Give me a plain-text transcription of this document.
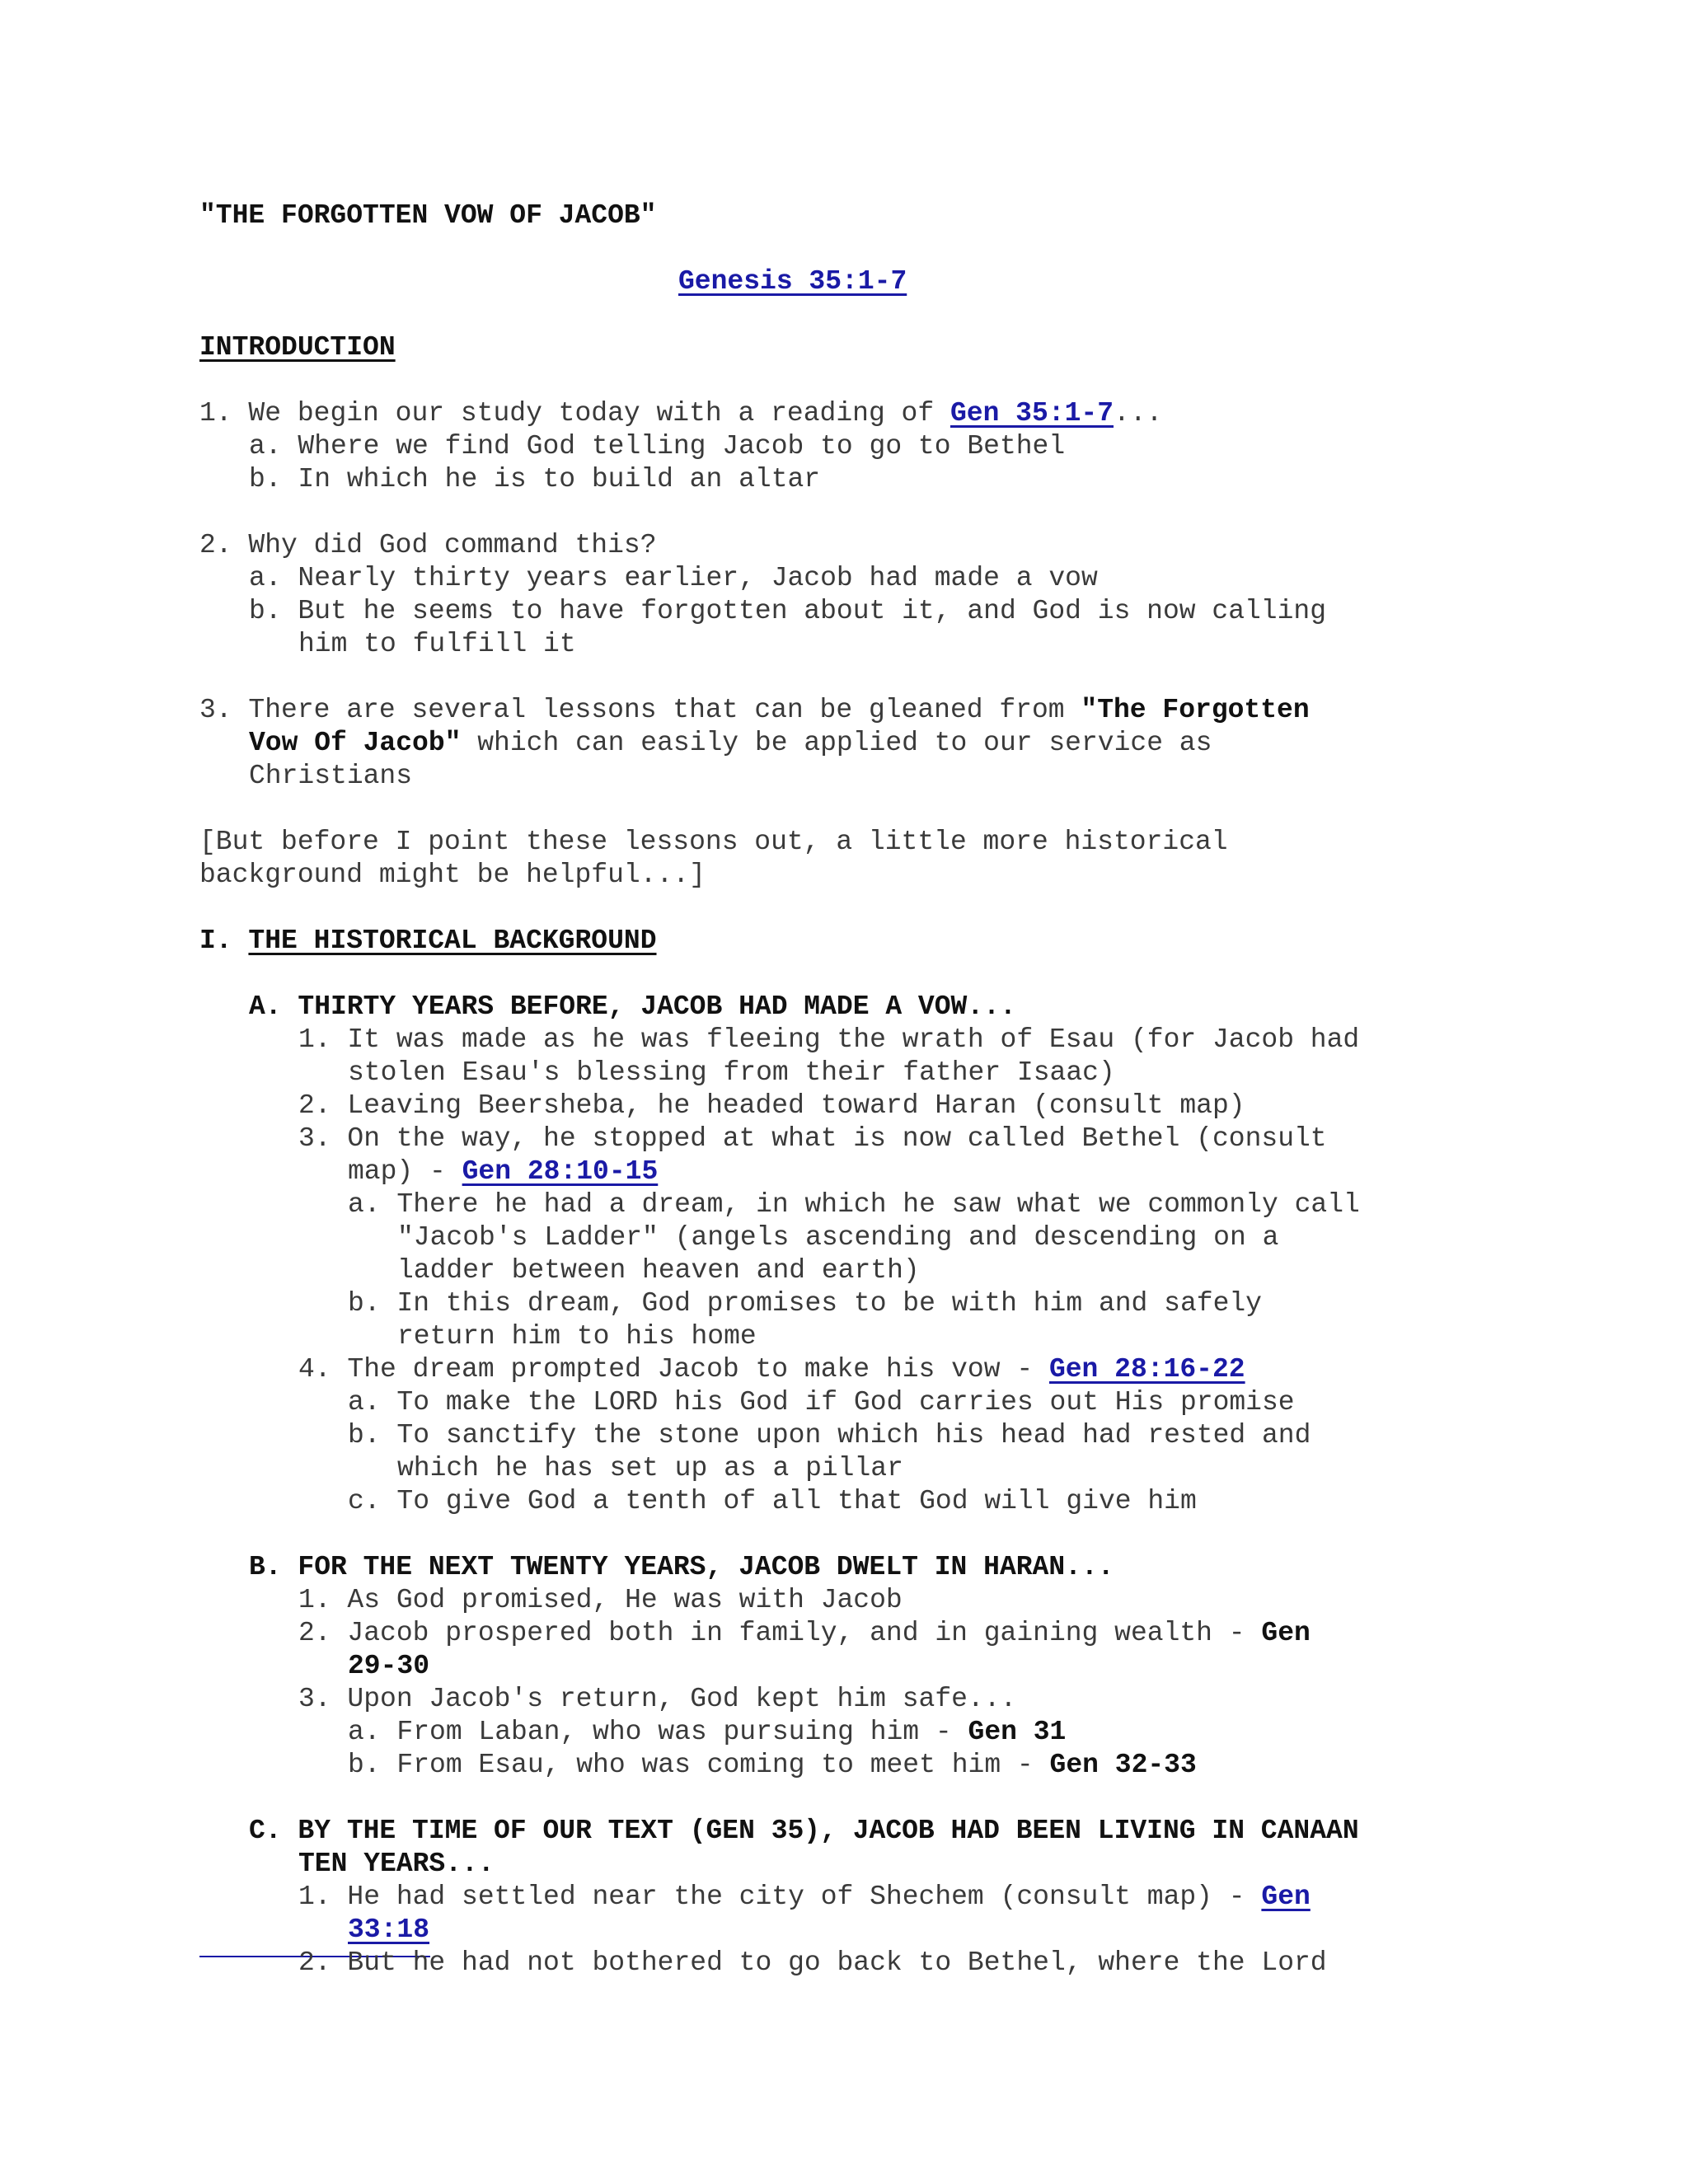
"THE FORGOTTEN VOW OF JACOB"
Genesis 35:1-7
INTRODUCTION
1. We begin our study today with a reading of Gen 35:1-7...
a. Where we find God telling Jacob to go to Bethel
b. In which he is to build an altar
2. Why did God command this?
a. Nearly thirty years earlier, Jacob had made a vow
b. But he seems to have forgotten about it, and God is now calling
him to fulfill it
3. There are several lessons that can be gleaned from "The Forgotten
Vow Of Jacob" which can easily be applied to our service as
Christians
[But before I point these lessons out, a little more historical
background might be helpful...]
I. THE HISTORICAL BACKGROUND
A. THIRTY YEARS BEFORE, JACOB HAD MADE A VOW...
1. It was made as he was fleeing the wrath of Esau (for Jacob had
stolen Esau's blessing from their father Isaac)
2. Leaving Beersheba, he headed toward Haran (consult map)
3. On the way, he stopped at what is now called Bethel (consult
map) - Gen 28:10-15
a. There he had a dream, in which he saw what we commonly call
"Jacob's Ladder" (angels ascending and descending on a
ladder between heaven and earth)
b. In this dream, God promises to be with him and safely
return him to his home
4. The dream prompted Jacob to make his vow - Gen 28:16-22
a. To make the LORD his God if God carries out His promise
b. To sanctify the stone upon which his head had rested and
which he has set up as a pillar
c. To give God a tenth of all that God will give him
B. FOR THE NEXT TWENTY YEARS, JACOB DWELT IN HARAN...
1. As God promised, He was with Jacob
2. Jacob prospered both in family, and in gaining wealth - Gen
29-30
3. Upon Jacob's return, God kept him safe...
a. From Laban, who was pursuing him - Gen 31
b. From Esau, who was coming to meet him - Gen 32-33
C. BY THE TIME OF OUR TEXT (GEN 35), JACOB HAD BEEN LIVING IN CANAAN
TEN YEARS...
1. He had settled near the city of Shechem (consult map) - Gen
33:18
2. But he had not bothered to go back to Bethel, where the Lord
